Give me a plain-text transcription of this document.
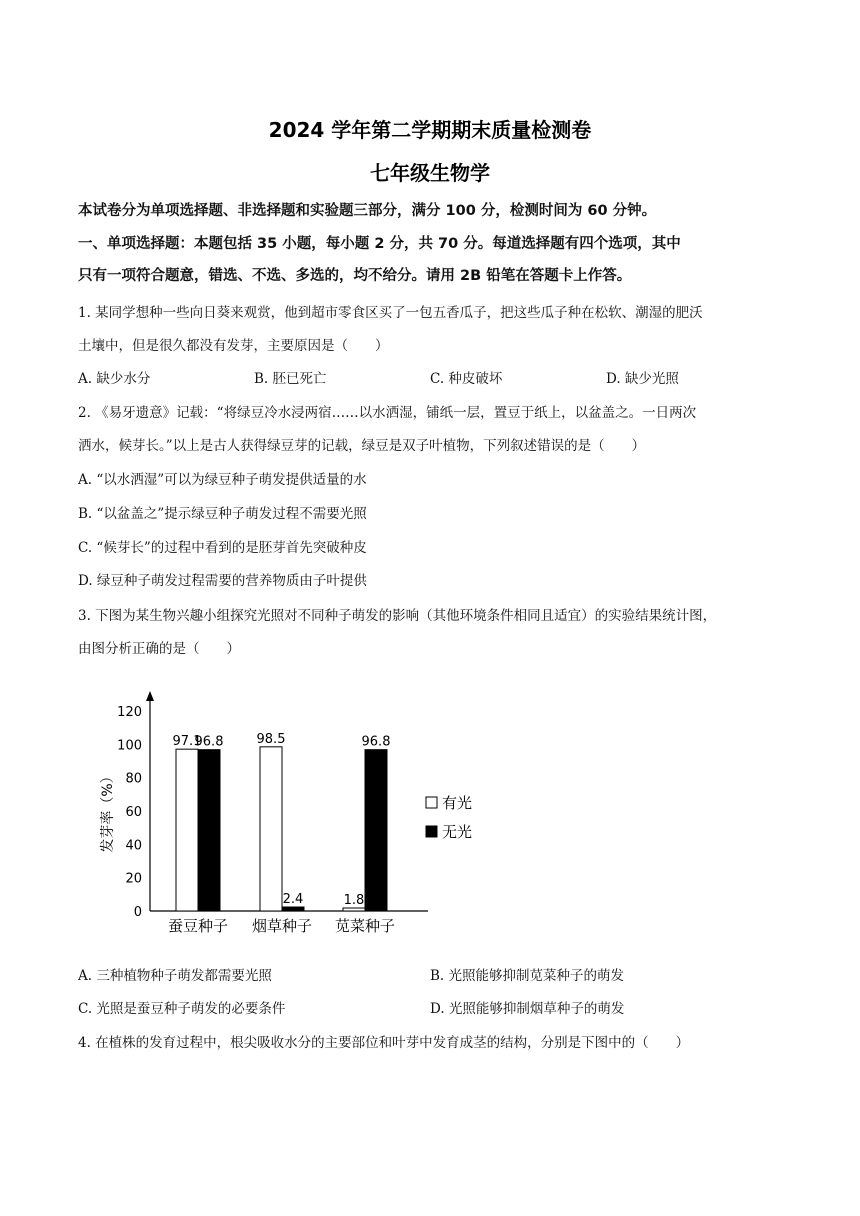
2024 学年第二学期期末质量检测卷
七年级生物学
本试卷分为单项选择题、非选择题和实验题三部分，满分 100 分，检测时间为 60 分钟。
一、单项选择题：本题包括 35 小题，每小题 2 分，共 70 分。每道选择题有四个选项，其中
只有一项符合题意，错选、不选、多选的，均不给分。请用 2B 铅笔在答题卡上作答。
1. 某同学想种一些向日葵来观赏，他到超市零食区买了一包五香瓜子，把这些瓜子种在松软、潮湿的肥沃
土壤中，但是很久都没有发芽，主要原因是（　　）
A. 缺少水分	B. 胚已死亡	C. 种皮破坏	D. 缺少光照
2. 《易牙遗意》记载：“将绿豆冷水浸两宿……以水洒湿，铺纸一层，置豆于纸上，以盆盖之。一日两次
洒水，候芽长。”以上是古人获得绿豆芽的记载，绿豆是双子叶植物，下列叙述错误的是（　　）
A. “以水洒湿”可以为绿豆种子萌发提供适量的水
B. “以盆盖之”提示绿豆种子萌发过程不需要光照
C. “候芽长”的过程中看到的是胚芽首先突破种皮
D. 绿豆种子萌发过程需要的营养物质由子叶提供
3. 下图为某生物兴趣小组探究光照对不同种子萌发的影响（其他环境条件相同且适宜）的实验结果统计图，
由图分析正确的是（　　）
0
20
40
60
80
100
120
发芽率（%）
97.1
96.8
蚕豆种子
98.5
2.4
烟草种子
1.8
96.8
苋菜种子
有光
无光
A. 三种植物种子萌发都需要光照	B. 光照能够抑制苋菜种子的萌发
C. 光照是蚕豆种子萌发的必要条件	D. 光照能够抑制烟草种子的萌发
4. 在植株的发育过程中，根尖吸收水分的主要部位和叶芽中发育成茎的结构，分别是下图中的（　　）
